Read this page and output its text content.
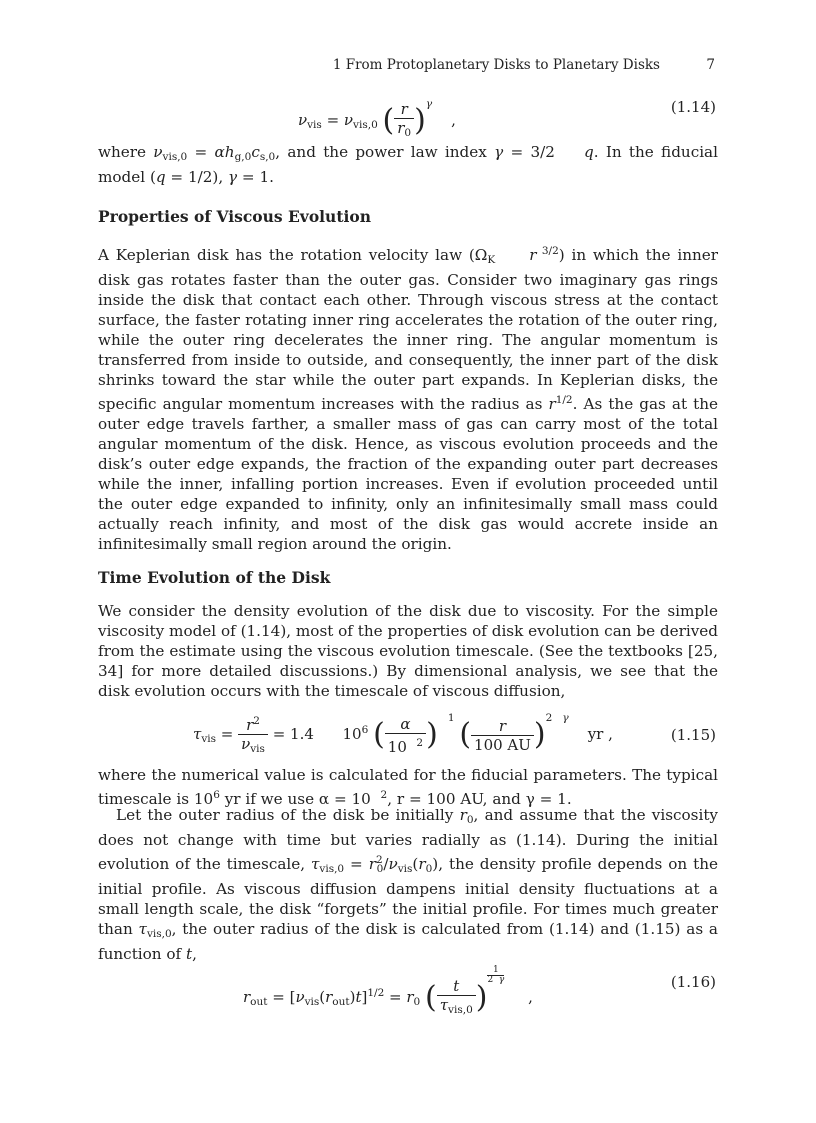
1 From Protoplanetary Disks to Planetary Disks	7
$\nu_{vis} = \nu_{vis,0}$ ( $\frac{r}{r_0} )^\gamma$    ,
(1.14)

where $\nu_{vis,0} = \alpha h_{g,0}c_{s,0}$, and the power law index γ = 3/2    q. In the fiducial model (q = 1/2), γ = 1.

Properties of Viscous Evolution

A Keplerian disk has the rotation velocity law ($\Omega_K$ r $^{3/2}$) in which the inner disk gas rotates faster than the outer gas. Consider two imaginary gas rings inside the disk that contact each other. Through viscous stress at the contact surface, the faster rotating inner ring accelerates the rotation of the outer ring, while the outer ring decelerates the inner ring. The angular momentum is transferred from inside to outside, and consequently, the inner part of the disk shrinks toward the star while the outer part expands. In Keplerian disks, the specific angular momentum increases with the radius as $r^{1/2}$. As the gas at the outer edge travels farther, a smaller mass of gas can carry most of the total angular momentum of the disk. Hence, as viscous evolution proceeds and the disk’s outer edge expands, the fraction of the expanding outer part decreases while the inner, infalling portion increases. Even if evolution proceeded until the outer edge expanded to infinity, only an infinitesimally small mass could actually reach infinity, and most of the disk gas would accrete inside an infinitesimally small region around the origin.

Time Evolution of the Disk

We consider the density evolution of the disk due to viscosity. For the simple viscosity model of (1.14), most of the properties of disk evolution can be derived from the estimate using the viscous evolution timescale. (See the textbooks [25, 34] for more detailed discussions.) By dimensional analysis, we see that the disk evolution occurs with the timescale of viscous diffusion,

$\tau_{vis} = \frac{r^2}{\nu_{vis}} = 1.4$      $10^6$ ( $\frac{\alpha}{10 ^2}$ )   $^1$ ( $\frac{r}{100 AU} )^{2 \gamma}$    yr ,	(1.15)

where the numerical value is calculated for the fiducial parameters. The typical timescale is $10^6$ yr if we use α = 10 $^2$, r = 100 AU, and γ = 1.

Let the outer radius of the disk be initially $r_0$, and assume that the viscosity does not change with time but varies radially as (1.14). During the initial evolution of the timescale, $\tau_{vis,0} = r^2_0/\nu_{vis}(r_0)$, the density profile depends on the initial profile. As viscous diffusion dampens initial density fluctuations at a small length scale, the disk “forgets” the initial profile. For times much greater than $\tau_{vis,0}$, the outer radius of the disk is calculated from (1.14) and (1.15) as a function of t,

$r_{out} = [\nu_{vis}(r_{out})t]^{1/2} = r_0$ ( $\frac{t}{\tau_{vis,0}}$ )
$^{\frac{1}{2 \gamma}}$
,
(1.16)
